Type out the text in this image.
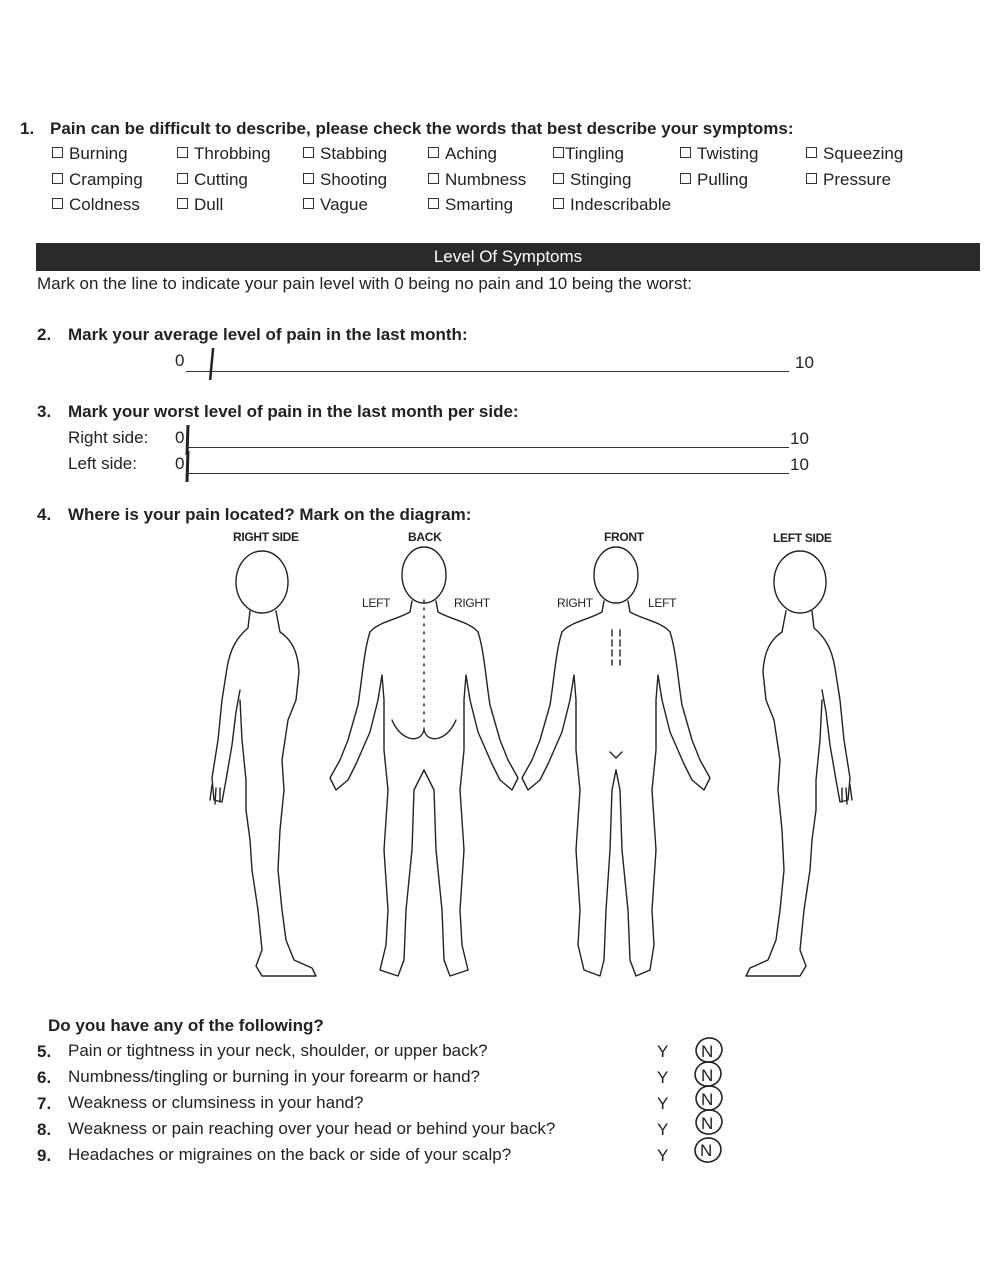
1. Pain can be difficult to describe, please check the words that best describe your symptoms:
Burning	Throbbing	Stabbing	Aching	Tingling	Twisting	Squeezing
Cramping	Cutting	Shooting	Numbness	Stinging	Pulling	Pressure
Coldness	Dull	Vague	Smarting	Indescribable
Level Of Symptoms
Mark on the line to indicate your pain level with 0 being no pain and 10 being the worst:
2. Mark your average level of pain in the last month:
0	10
3. Mark your worst level of pain in the last month per side:
Right side: 0	10
Left side: 0	10
4. Where is your pain located? Mark on the diagram:
RIGHT SIDE	BACK	FRONT	LEFT SIDE
LEFT	RIGHT	RIGHT	LEFT
Do you have any of the following?
5. Pain or tightness in your neck, shoulder, or upper back?	Y N
6. Numbness/tingling or burning in your forearm or hand?	Y N
7. Weakness or clumsiness in your hand?	Y N
8. Weakness or pain reaching over your head or behind your back?	Y N
9. Headaches or migraines on the back or side of your scalp?	Y N
